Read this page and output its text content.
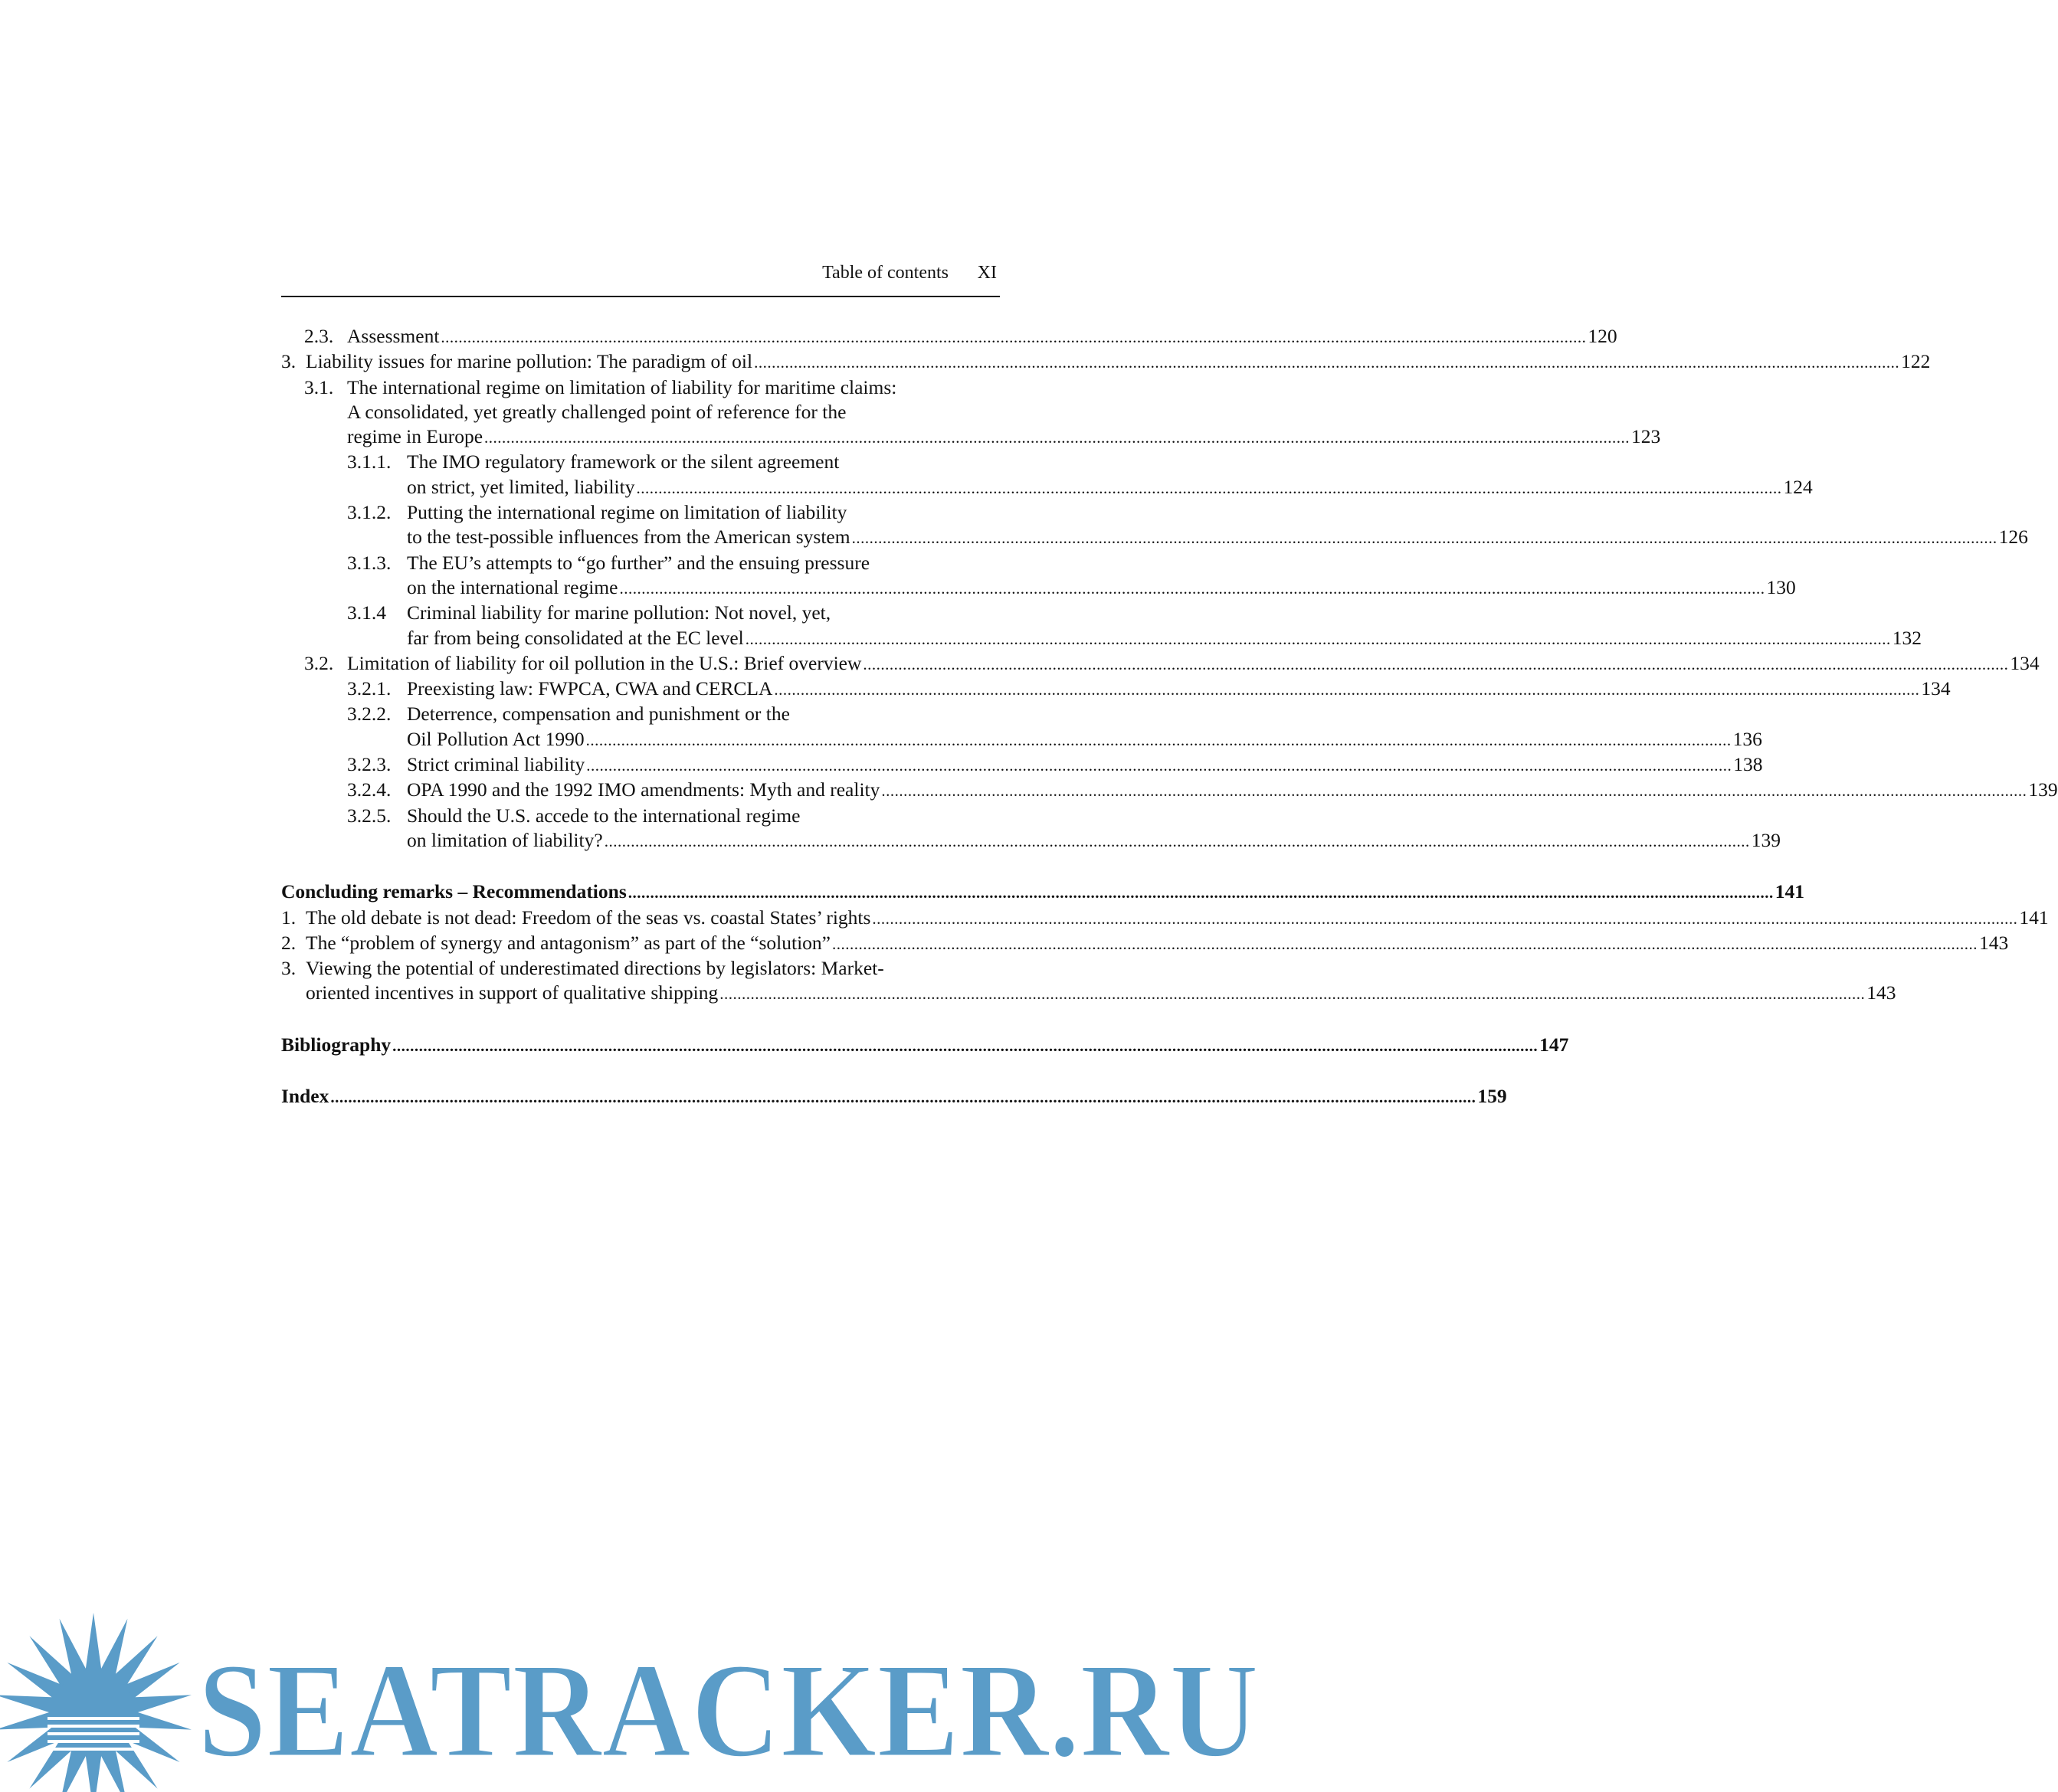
Table of contents XI
2.3. Assessment .................................................................................................................................................................................................................................................................... 120
3. Liability issues for marine pollution: The paradigm of oil .................................................................................................................................................................................................................................................................... 122
3.1. The international regime on limitation of liability for maritime claims:
A consolidated, yet greatly challenged point of reference for the
regime in Europe .................................................................................................................................................................................................................................................................... 123
3.1.1. The IMO regulatory framework or the silent agreement
on strict, yet limited, liability .................................................................................................................................................................................................................................................................... 124
3.1.2. Putting the international regime on limitation of liability
to the test-possible influences from the American system .................................................................................................................................................................................................................................................................... 126
3.1.3. The EU’s attempts to “go further” and the ensuing pressure
on the international regime .................................................................................................................................................................................................................................................................... 130
3.1.4	Criminal liability for marine pollution: Not novel, yet,
far from being consolidated at the EC level .................................................................................................................................................................................................................................................................... 132
3.2. Limitation of liability for oil pollution in the U.S.: Brief overview .................................................................................................................................................................................................................................................................... 134
3.2.1. Preexisting law: FWPCA, CWA and CERCLA .................................................................................................................................................................................................................................................................... 134
3.2.2. Deterrence, compensation and punishment or the
Oil Pollution Act 1990 .................................................................................................................................................................................................................................................................... 136
3.2.3. Strict criminal liability .................................................................................................................................................................................................................................................................... 138
3.2.4. OPA 1990 and the 1992 IMO amendments: Myth and reality .................................................................................................................................................................................................................................................................... 139
3.2.5. Should the U.S. accede to the international regime
on limitation of liability? .................................................................................................................................................................................................................................................................... 139
Concluding remarks – Recommendations .................................................................................................................................................................................................................................................................... 141
1. The old debate is not dead: Freedom of the seas vs. coastal States’ rights .................................................................................................................................................................................................................................................................... 141
2. The “problem of synergy and antagonism” as part of the “solution” .................................................................................................................................................................................................................................................................... 143
3. Viewing the potential of underestimated directions by legislators: Market-
oriented incentives in support of qualitative shipping .................................................................................................................................................................................................................................................................... 143
Bibliography .................................................................................................................................................................................................................................................................... 147
Index .................................................................................................................................................................................................................................................................... 159
SEATRACKER.RU
